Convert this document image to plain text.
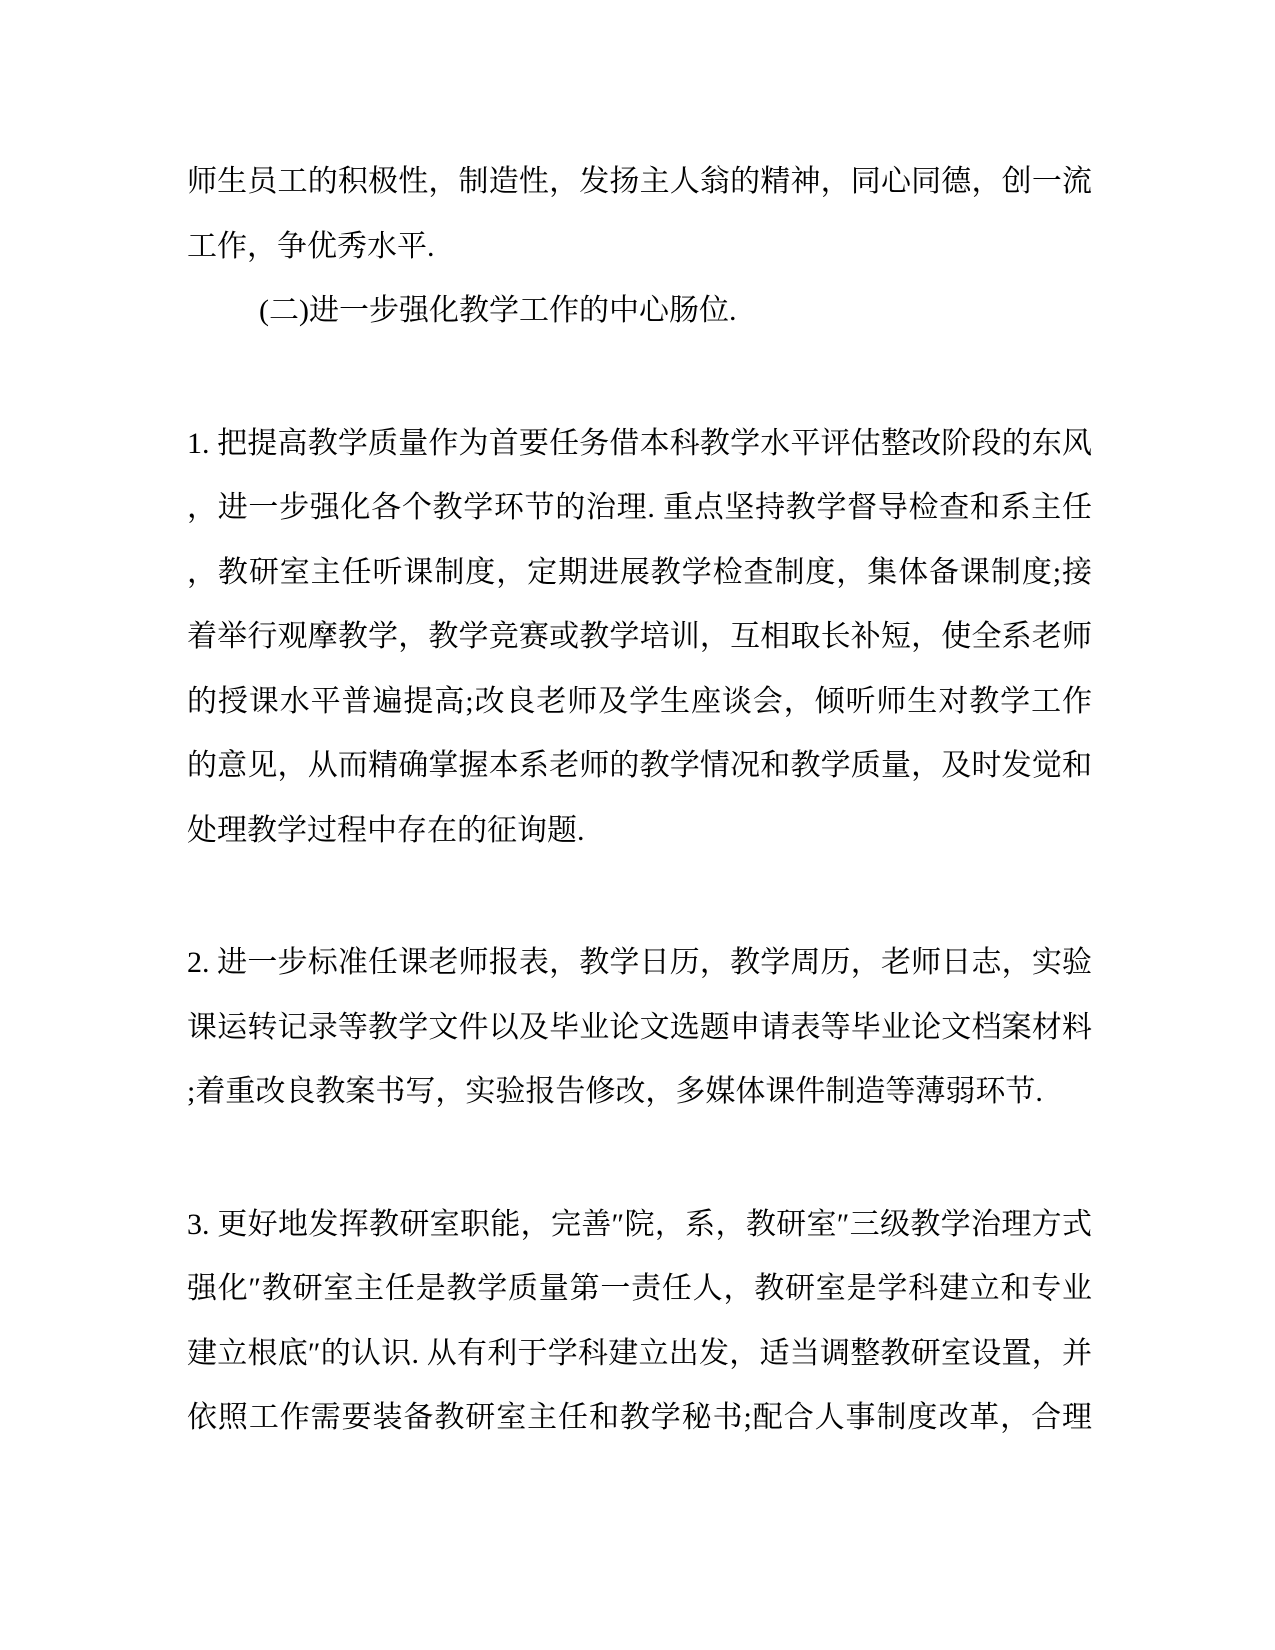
师生员工的积极性，制造性，发扬主人翁的精神，同心同德，创一流
工作，争优秀水平.
(二)进一步强化教学工作的中心肠位.
1. 把提高教学质量作为首要任务借本科教学水平评估整改阶段的东风
，进一步强化各个教学环节的治理. 重点坚持教学督导检查和系主任
，教研室主任听课制度，定期进展教学检查制度，集体备课制度;接
着举行观摩教学，教学竞赛或教学培训，互相取长补短，使全系老师
的授课水平普遍提高;改良老师及学生座谈会，倾听师生对教学工作
的意见，从而精确掌握本系老师的教学情况和教学质量，及时发觉和
处理教学过程中存在的征询题.
2. 进一步标准任课老师报表，教学日历，教学周历，老师日志，实验
课运转记录等教学文件以及毕业论文选题申请表等毕业论文档案材料
;着重改良教案书写，实验报告修改，多媒体课件制造等薄弱环节.
3. 更好地发挥教研室职能，完善″院，系，教研室″三级教学治理方式
强化″教研室主任是教学质量第一责任人，教研室是学科建立和专业
建立根底″的认识. 从有利于学科建立出发，适当调整教研室设置，并
依照工作需要装备教研室主任和教学秘书;配合人事制度改革，合理
